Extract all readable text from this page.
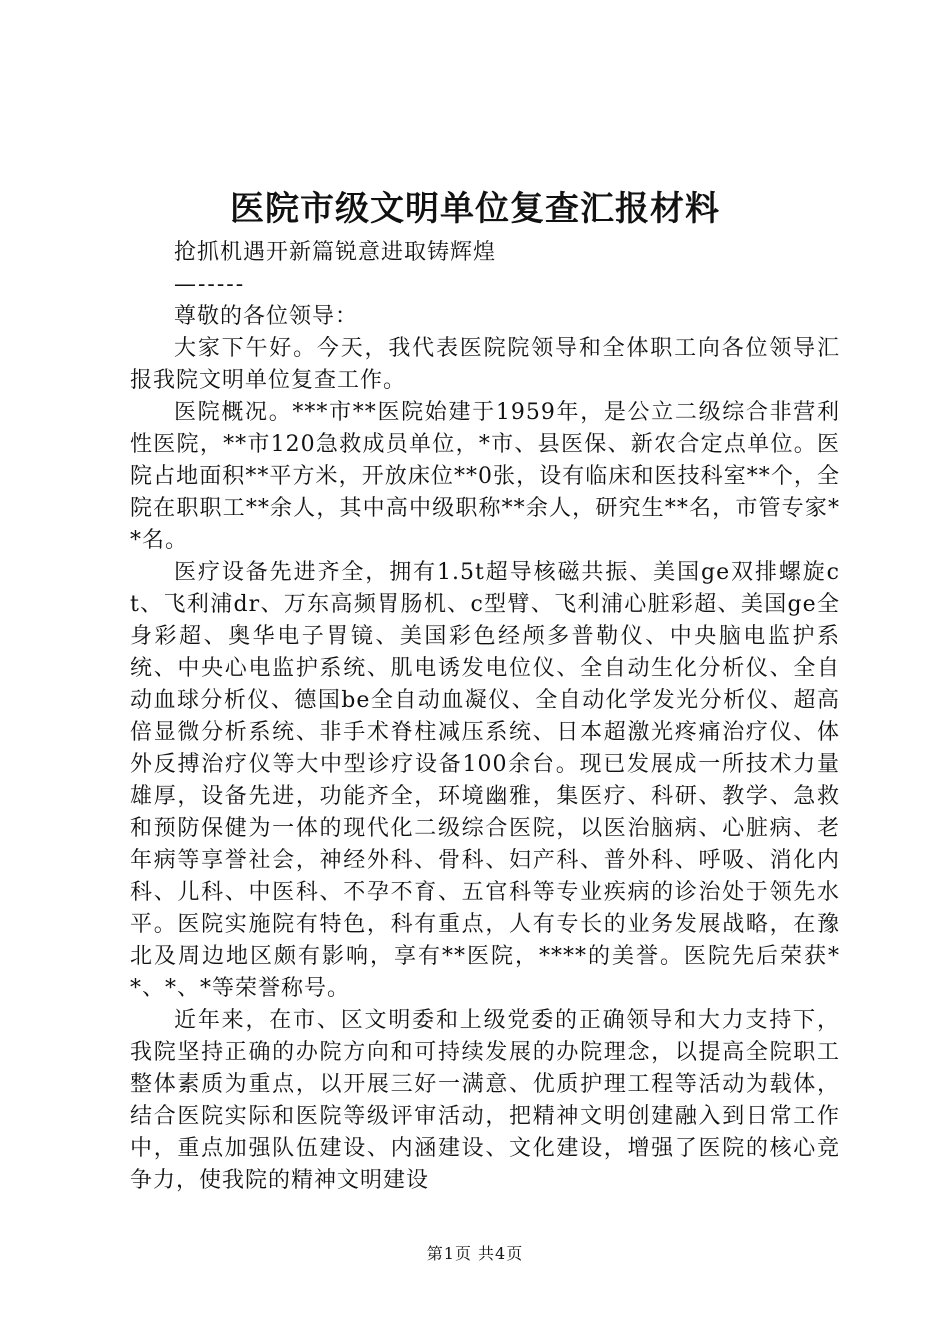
医院市级文明单位复查汇报材料

抢抓机遇开新篇锐意进取铸辉煌

—-----

尊敬的各位领导：

大家下午好。今天，我代表医院院领导和全体职工向各位领导汇报我院文明单位复查工作。

医院概况。***市**医院始建于1959年，是公立二级综合非营利性医院，**市120急救成员单位，*市、县医保、新农合定点单位。医院占地面积**平方米，开放床位**0张，设有临床和医技科室**个，全院在职职工**余人，其中高中级职称**余人，研究生**名，市管专家**名。

医疗设备先进齐全，拥有1.5t超导核磁共振、美国ge双排螺旋ct、飞利浦dr、万东高频胃肠机、c型臂、飞利浦心脏彩超、美国ge全身彩超、奥华电子胃镜、美国彩色经颅多普勒仪、中央脑电监护系统、中央心电监护系统、肌电诱发电位仪、全自动生化分析仪、全自动血球分析仪、德国be全自动血凝仪、全自动化学发光分析仪、超高倍显微分析系统、非手术脊柱减压系统、日本超激光疼痛治疗仪、体外反搏治疗仪等大中型诊疗设备100余台。现已发展成一所技术力量雄厚，设备先进，功能齐全，环境幽雅，集医疗、科研、教学、急救和预防保健为一体的现代化二级综合医院，以医治脑病、心脏病、老年病等享誉社会，神经外科、骨科、妇产科、普外科、呼吸、消化内科、儿科、中医科、不孕不育、五官科等专业疾病的诊治处于领先水平。医院实施院有特色，科有重点，人有专长的业务发展战略，在豫北及周边地区颇有影响，享有**医院，****的美誉。医院先后荣获**、*、*等荣誉称号。

近年来，在市、区文明委和上级党委的正确领导和大力支持下，我院坚持正确的办院方向和可持续发展的办院理念，以提高全院职工整体素质为重点，以开展三好一满意、优质护理工程等活动为载体，结合医院实际和医院等级评审活动，把精神文明创建融入到日常工作中，重点加强队伍建设、内涵建设、文化建设，增强了医院的核心竞争力，使我院的精神文明建设

第1页 共4页
